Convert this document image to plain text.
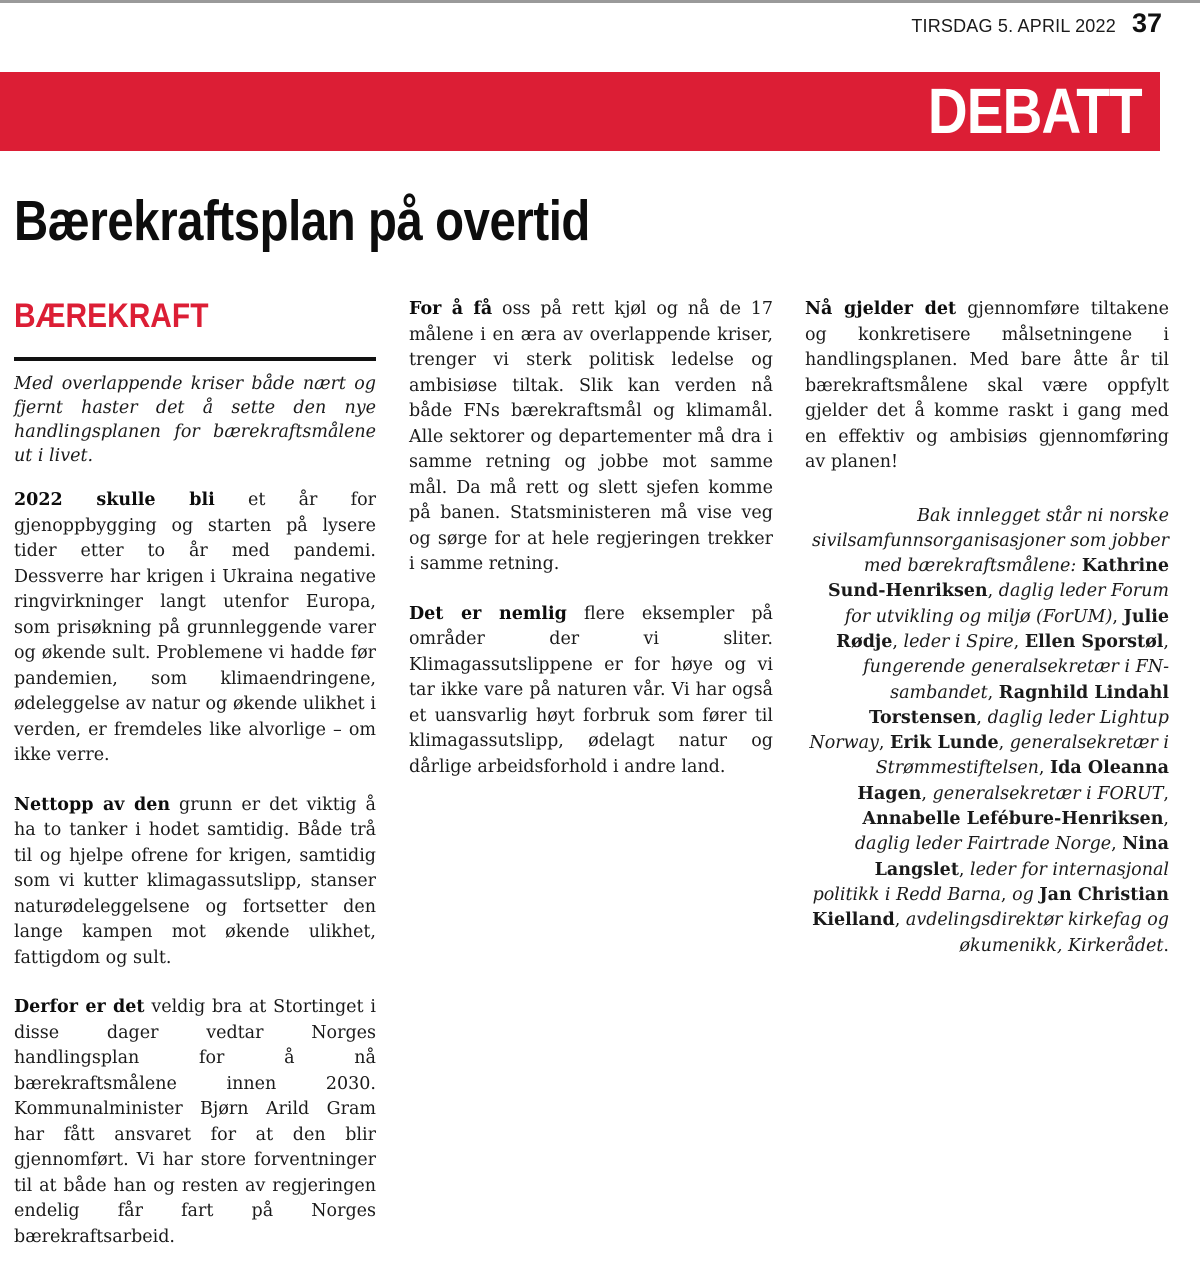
TIRSDAG 5. APRIL 2022 37
DEBATT
Bærekraftsplan på overtid
BÆREKRAFT

Med overlappende kriser både nært og fjernt haster det å sette den nye handlingsplanen for bærekraftsmålene ut i livet.

2022 skulle bli et år for gjenoppbygging og starten på lysere tider etter to år med pandemi. Dessverre har krigen i Ukraina negative ringvirkninger langt utenfor Europa, som prisøkning på grunnleggende varer og økende sult. Problemene vi hadde før pandemien, som klimaendringene, ødeleggelse av natur og økende ulikhet i verden, er fremdeles like alvorlige – om ikke verre.

Nettopp av den grunn er det viktig å ha to tanker i hodet samtidig. Både trå til og hjelpe ofrene for krigen, samtidig som vi kutter klimagassutslipp, stanser naturødeleggelsene og fortsetter den lange kampen mot økende ulikhet, fattigdom og sult.

Derfor er det veldig bra at Stortinget i disse dager vedtar Norges handlingsplan for å nå bærekraftsmålene innen 2030. Kommunalminister Bjørn Arild Gram har fått ansvaret for at den blir gjennomført. Vi har store forventninger til at både han og resten av regjeringen endelig får fart på Norges bærekraftsarbeid.

For å få oss på rett kjøl og nå de 17 målene i en æra av overlappende kriser, trenger vi sterk politisk ledelse og ambisiøse tiltak. Slik kan verden nå både FNs bærekraftsmål og klimamål. Alle sektorer og departementer må dra i samme retning og jobbe mot samme mål. Da må rett og slett sjefen komme på banen. Statsministeren må vise veg og sørge for at hele regjeringen trekker i samme retning.

Det er nemlig flere eksempler på områder der vi sliter. Klimagassutslippene er for høye og vi tar ikke vare på naturen vår. Vi har også et uansvarlig høyt forbruk som fører til klimagassutslipp, ødelagt natur og dårlige arbeidsforhold i andre land.

Nå gjelder det gjennomføre tiltakene og konkretisere målsetningene i handlingsplanen. Med bare åtte år til bærekraftsmålene skal være oppfylt gjelder det å komme raskt i gang med en effektiv og ambisiøs gjennomføring av planen!

Bak innlegget står ni norske sivilsamfunnsorganisasjoner som jobber med bærekraftsmålene: Kathrine Sund-Henriksen, daglig leder Forum for utvikling og miljø (ForUM), Julie Rødje, leder i Spire, Ellen Sporstøl, fungerende generalsekretær i FN-sambandet, Ragnhild Lindahl Torstensen, daglig leder Lightup Norway, Erik Lunde, generalsekretær i Strømmestiftelsen, Ida Oleanna Hagen, generalsekretær i FORUT, Annabelle Lefébure-Henriksen, daglig leder Fairtrade Norge, Nina Langslet, leder for internasjonal politikk i Redd Barna, og Jan Christian Kielland, avdelingsdirektør kirkefag og økumenikk, Kirkerådet.
